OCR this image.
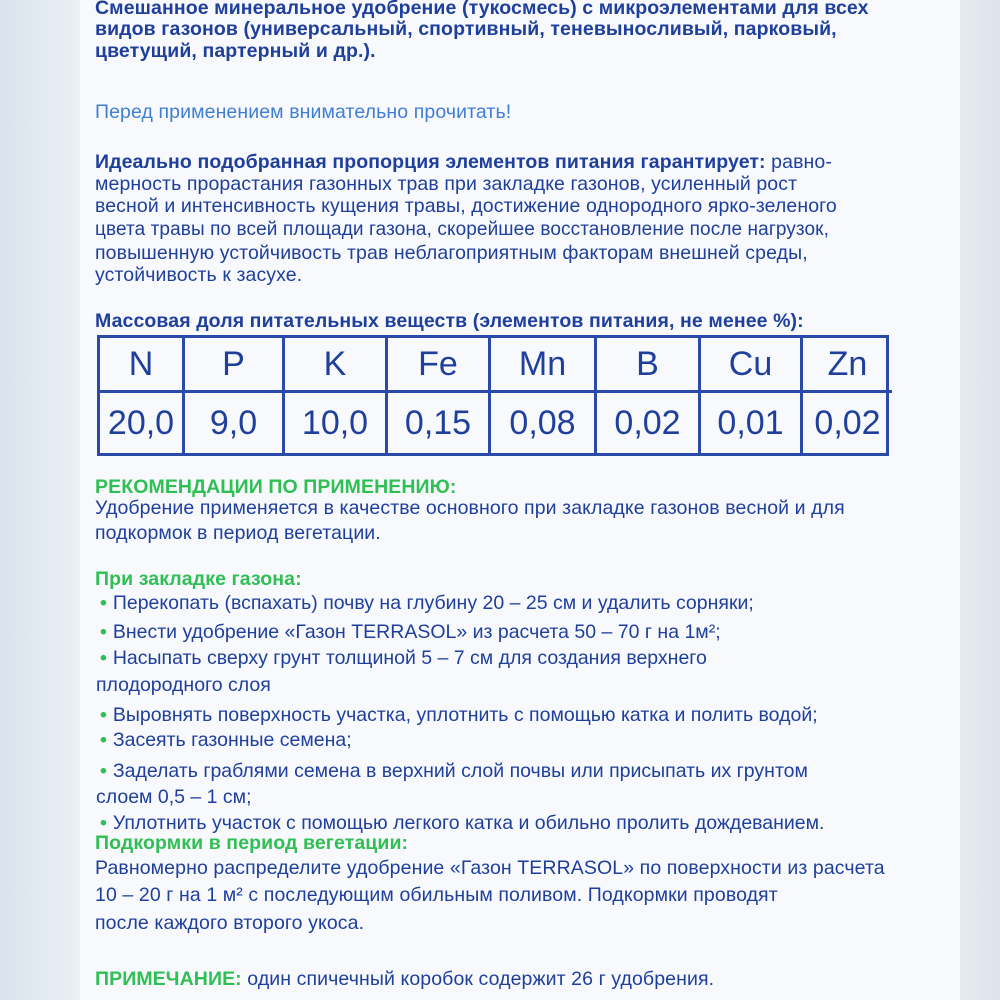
Смешанное минеральное удобрение (тукосмесь) с микроэлементами для всех
видов газонов (универсальный, спортивный, теневыносливый, парковый,
цветущий, партерный и др.).
Перед применением внимательно прочитать!
Идеально подобранная пропорция элементов питания гарантирует: равно-
мерность прорастания газонных трав при закладке газонов, усиленный рост
весной и интенсивность кущения травы, достижение однородного ярко-зеленого
цвета травы по всей площади газона, скорейшее восстановление после нагрузок,
повышенную устойчивость трав неблагоприятным факторам внешней среды,
устойчивость к засухе.
Массовая доля питательных веществ (элементов питания, не менее %):
N	P	K	Fe	Mn	B	Cu	Zn
20,0	9,0	10,0	0,15	0,08	0,02	0,01 0,02
РЕКОМЕНДАЦИИ ПО ПРИМЕНЕНИЮ:
Удобрение применяется в качестве основного при закладке газонов весной и для
подкормок в период вегетации.
При закладке газона:
• Перекопать (вспахать) почву на глубину 20 – 25 см и удалить сорняки;
• Внести удобрение «Газон TERRASOL» из расчета 50 – 70 г на 1м²;
• Насыпать сверху грунт толщиной 5 – 7 см для создания верхнего
плодородного слоя
• Выровнять поверхность участка, уплотнить с помощью катка и полить водой;
• Засеять газонные семена;
• Заделать граблями семена в верхний слой почвы или присыпать их грунтом
слоем 0,5 – 1 см;
• Уплотнить участок с помощью легкого катка и обильно пролить дождеванием.
Подкормки в период вегетации:
Равномерно распределите удобрение «Газон TERRASOL» по поверхности из расчета
10 – 20 г на 1 м² с последующим обильным поливом. Подкормки проводят
после каждого второго укоса.
ПРИМЕЧАНИЕ: один спичечный коробок содержит 26 г удобрения.
